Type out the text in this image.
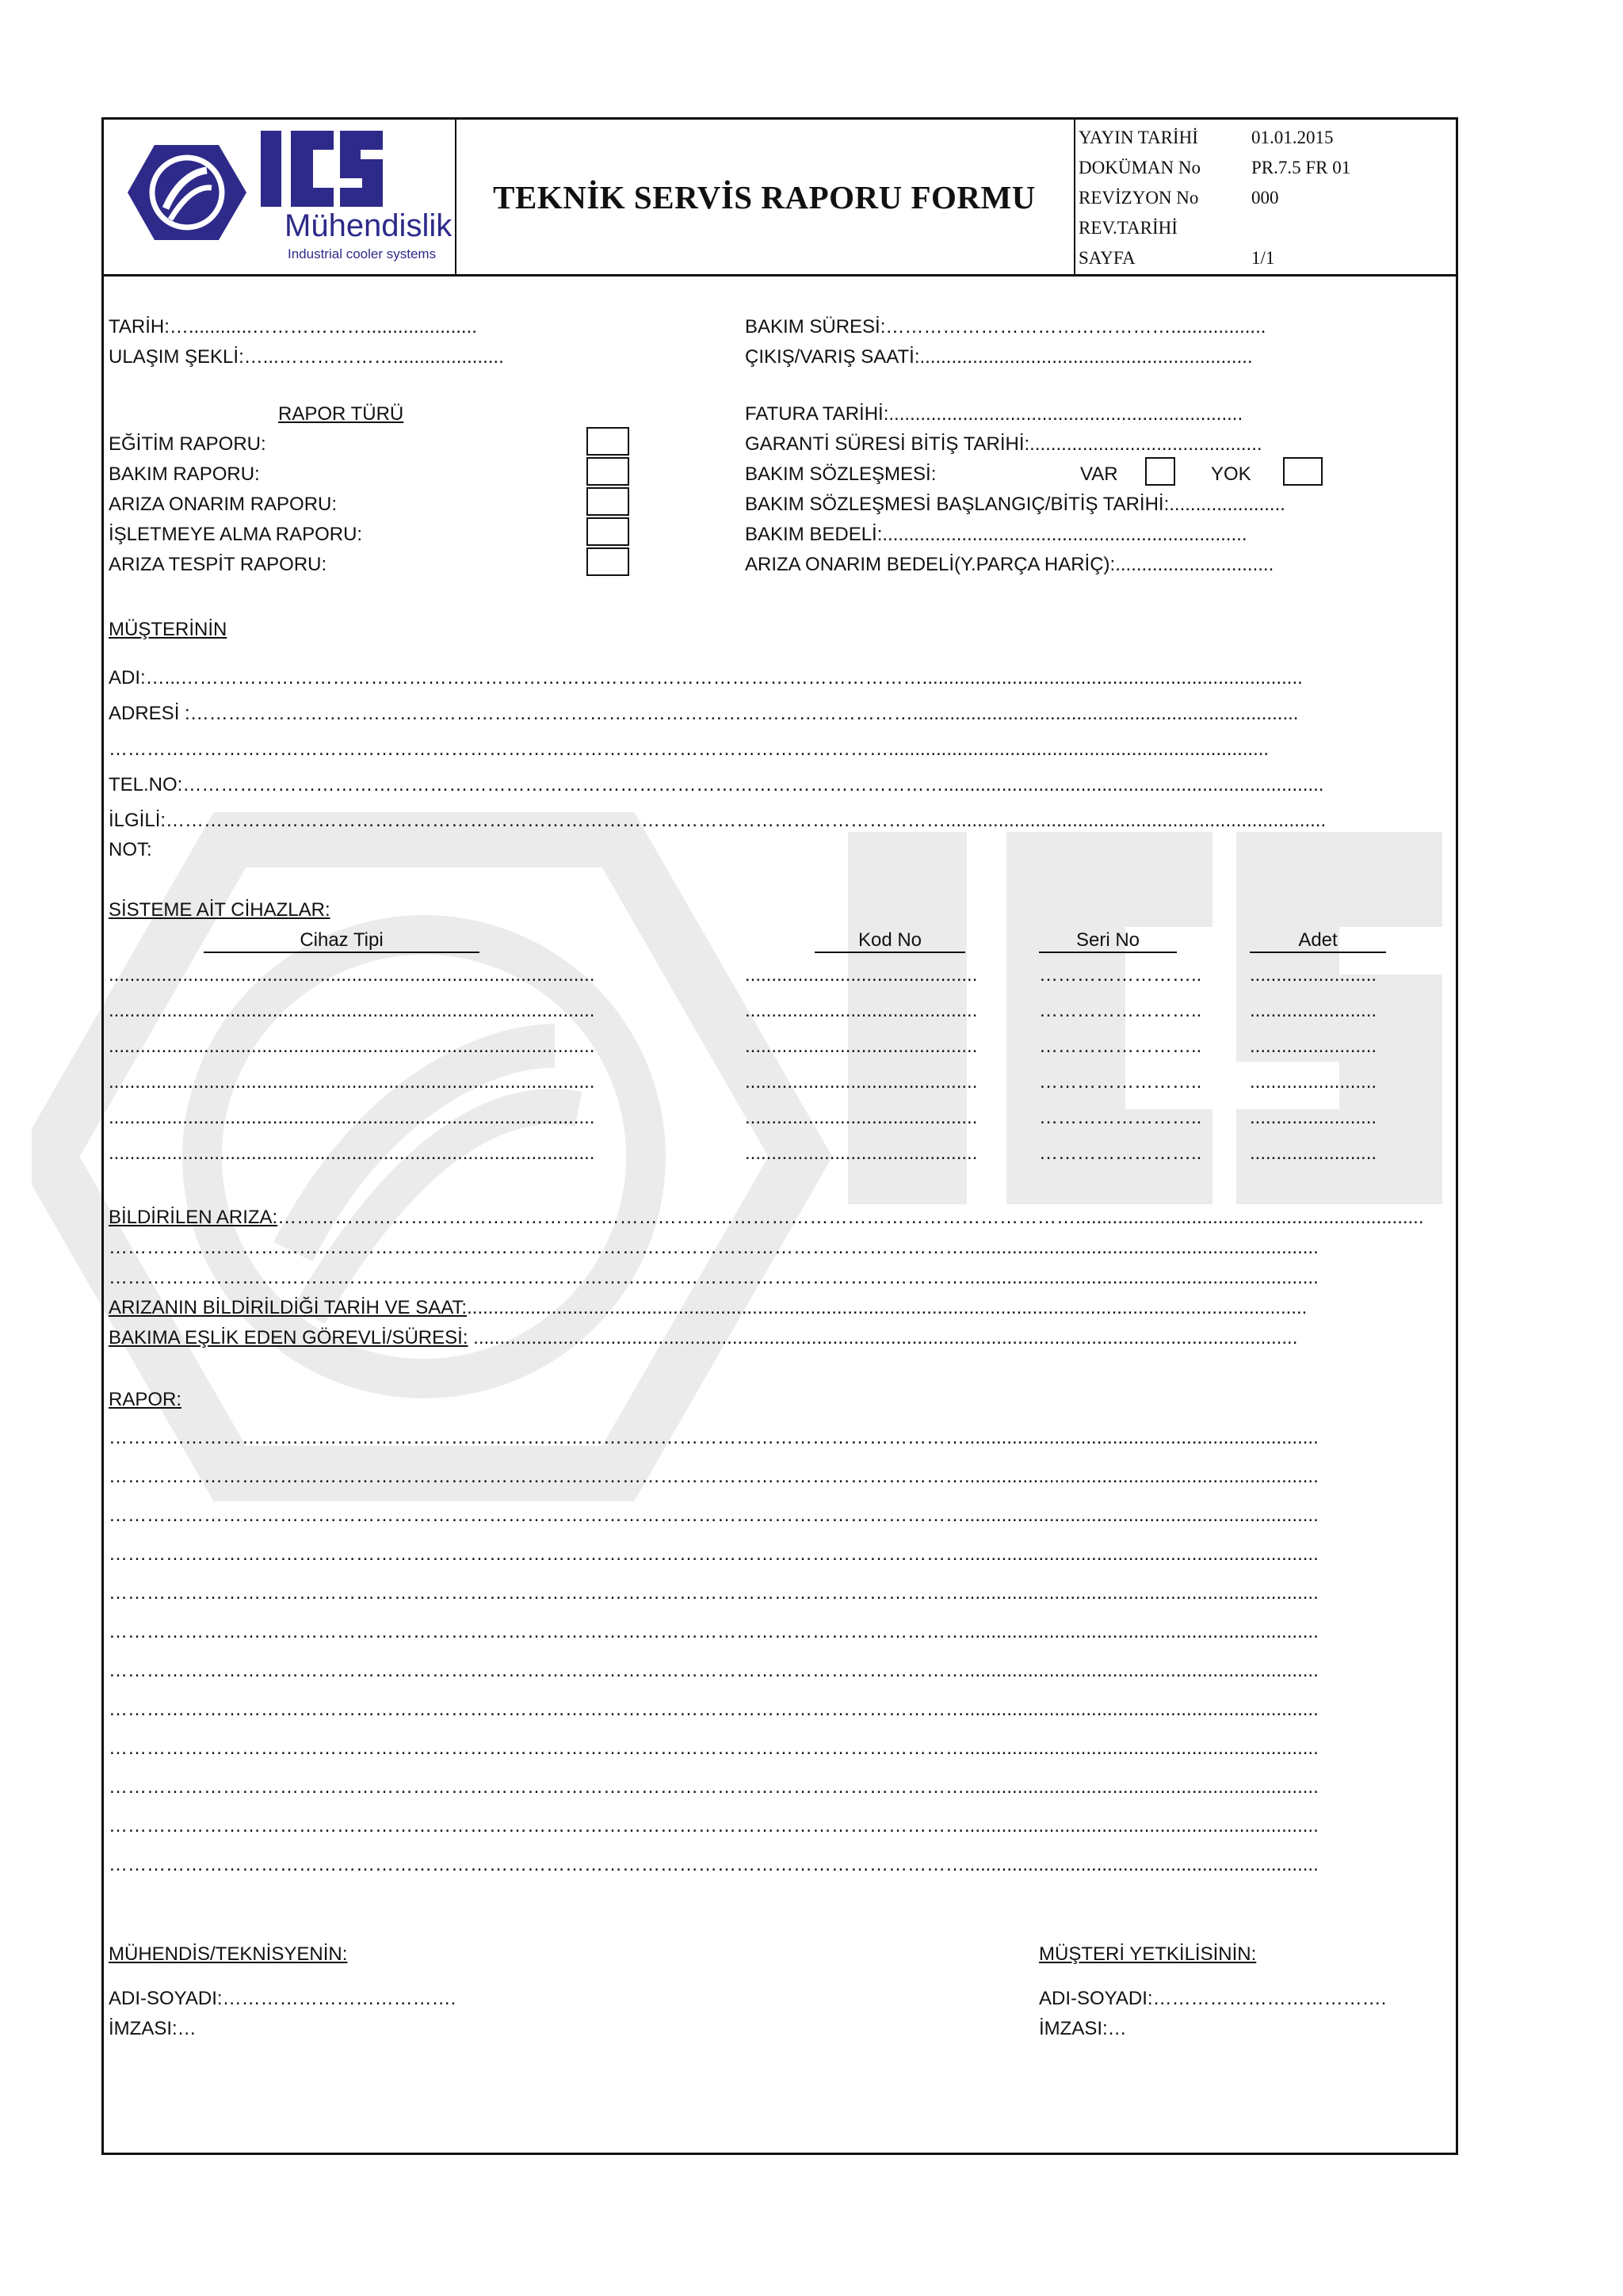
Mühendislik
Industrial cooler systems
TEKNİK SERVİS RAPORU FORMU
YAYIN TARİHİ	01.01.2015
DOKÜMAN No	PR.7.5 FR 01
REVİZYON No	000
REV.TARİHİ
SAYFA	1/1
TARİH:…............……………….....................
ULAŞIM ŞEKLİ:…...……………….....................
RAPOR TÜRÜ
EĞİTİM RAPORU:
BAKIM RAPORU:
ARIZA ONARIM RAPORU:
İŞLETMEYE ALMA RAPORU:
ARIZA TESPİT RAPORU:
BAKIM SÜRESİ:………………………………………..................
ÇIKIŞ/VARIŞ SAATİ:...............................................................
FATURA TARİHİ:...................................................................
GARANTİ SÜRESİ BİTİŞ TARİHİ:............................................
BAKIM SÖZLEŞMESİ:	VAR	YOK
BAKIM SÖZLEŞMESİ BAŞLANGIÇ/BİTİŞ TARİHİ:......................
BAKIM BEDELİ:.....................................................................
ARIZA ONARIM BEDELİ(Y.PARÇA HARİÇ):..............................
MÜŞTERİNİN
ADI:…...………………………………………………………………………………………………………........................................................................
ADRESİ :…………………………………………………………………………………………………….........................................................................
……………………………………………………………………………………………………………........................................................................
TEL.NO:…………………………………………………………………………………………………………........................................................................
İLGİLİ:……………………………………………………………………………………………………………........................................................................
NOT:
SİSTEME AİT CİHAZLAR:
Cihaz Tipi	Kod No	Seri No	Adet
............................................................................................	............................................	……………………..	........................
............................................................................................	............................................	……………………..	........................
............................................................................................	............................................	……………………..	........................
............................................................................................	............................................	……………………..	........................
............................................................................................	............................................	……………………..	........................
............................................................................................	............................................	……………………..	........................
BİLDİRİLEN ARIZA:………………………………………………………………………………………………………………..................................................................
………………………………………………………………………………………………………………………...................................................................
………………………………………………………………………………………………………………………...................................................................
ARIZANIN BİLDİRİLDİĞİ TARİH VE SAAT:...............................................................................................................................................................
BAKIMA EŞLİK EDEN GÖREVLİ/SÜRESİ: ............................................................................................................................................................
RAPOR:
………………………………………………………………………………………………………………………...................................................................
………………………………………………………………………………………………………………………...................................................................
………………………………………………………………………………………………………………………...................................................................
………………………………………………………………………………………………………………………...................................................................
………………………………………………………………………………………………………………………...................................................................
………………………………………………………………………………………………………………………...................................................................
………………………………………………………………………………………………………………………...................................................................
………………………………………………………………………………………………………………………...................................................................
………………………………………………………………………………………………………………………...................................................................
………………………………………………………………………………………………………………………...................................................................
………………………………………………………………………………………………………………………...................................................................
………………………………………………………………………………………………………………………...................................................................
MÜHENDİS/TEKNİSYENİN:	MÜŞTERİ YETKİLİSİNİN:
ADI-SOYADI:……………………………….	ADI-SOYADI:……………………………….
İMZASI:…	İMZASI:…
